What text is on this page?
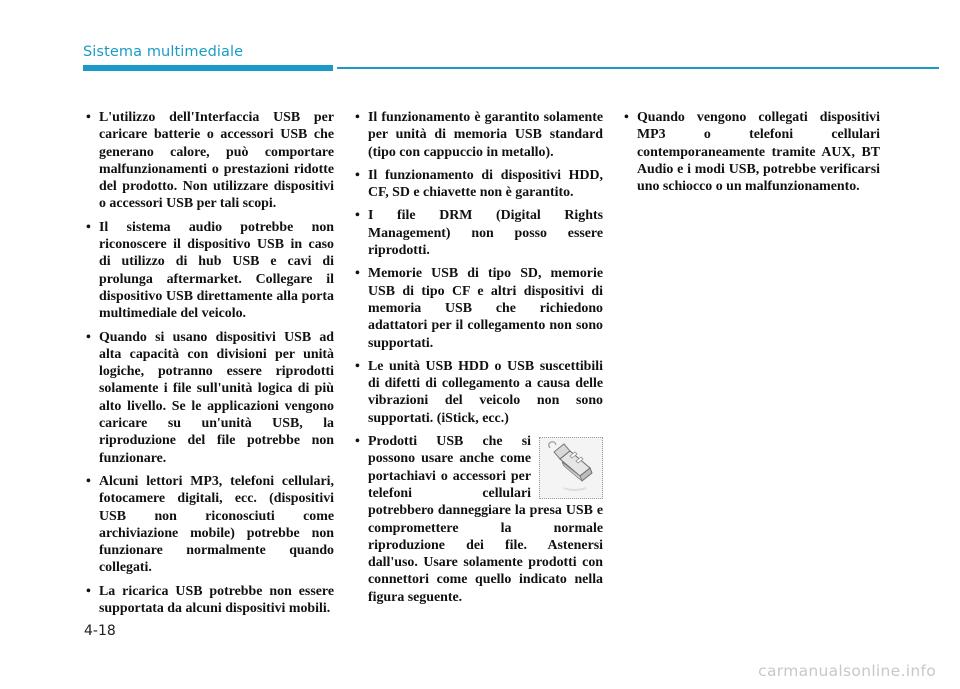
Sistema multimediale
• L'utilizzo dell'Interfaccia USB per caricare batterie o accessori USB che generano calore, può comportare malfunzionamenti o prestazioni ridotte del prodotto. Non utilizzare dispositivi o accessori USB per tali scopi.
• Il sistema audio potrebbe non riconoscere il dispositivo USB in caso di utilizzo di hub USB e cavi di prolunga aftermarket. Collegare il dispositivo USB direttamente alla porta multimediale del veicolo.
• Quando si usano dispositivi USB ad alta capacità con divisioni per unità logiche, potranno essere riprodotti solamente i file sull'unità logica di più alto livello. Se le applicazioni vengono caricare su un'unità USB, la riproduzione del file potrebbe non funzionare.
• Alcuni lettori MP3, telefoni cellulari, fotocamere digitali, ecc. (dispositivi USB non riconosciuti come archiviazione mobile) potrebbe non funzionare normalmente quando collegati.
• La ricarica USB potrebbe non essere supportata da alcuni dispositivi mobili.
• Il funzionamento è garantito solamente per unità di memoria USB standard (tipo con cappuccio in metallo).
• Il funzionamento di dispositivi HDD, CF, SD e chiavette non è garantito.
• I file DRM (Digital Rights Management) non posso essere riprodotti.
• Memorie USB di tipo SD, memorie USB di tipo CF e altri dispositivi di memoria USB che richiedono adattatori per il collegamento non sono supportati.
• Le unità USB HDD o USB suscettibili di difetti di collegamento a causa delle vibrazioni del veicolo non sono supportati. (iStick, ecc.)
• Prodotti USB che si possono usare anche come portachiavi o accessori per telefoni cellulari potrebbero danneggiare la presa USB e compromettere la normale riproduzione dei file. Astenersi dall'uso. Usare solamente prodotti con connettori come quello indicato nella figura seguente.
• Quando vengono collegati dispositivi MP3 o telefoni cellulari contemporaneamente tramite AUX, BT Audio e i modi USB, potrebbe verificarsi uno schiocco o un malfunzionamento.
4-18
carmanualsonline.info
